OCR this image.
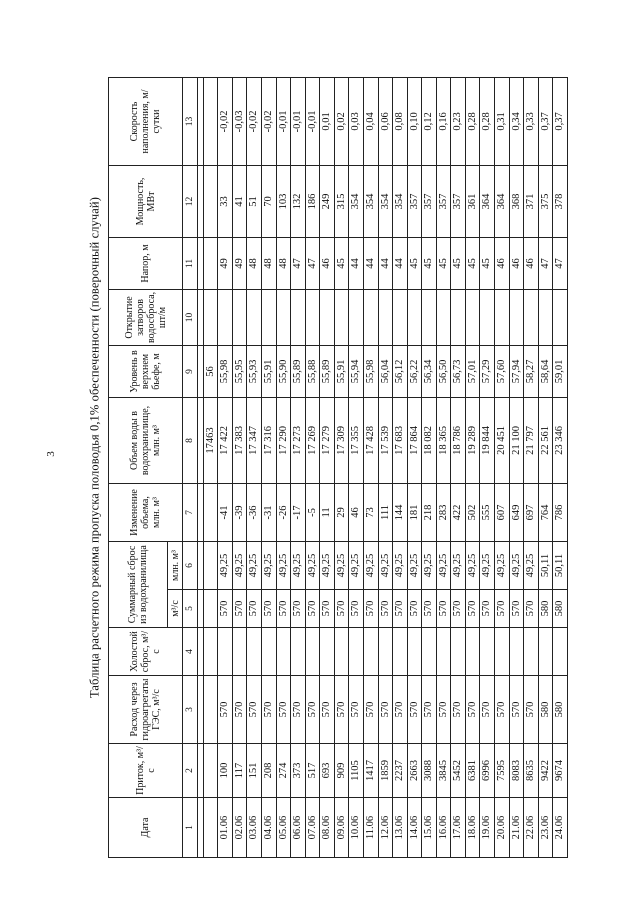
3 Таблица расчетного режима пропуска половодья 0,1% обеспеченности (поверочный случай)
Дата	Приток, м³/с	Расход через гидроагрегаты ГЭС, м³/с	Холостой сброс, м³/с	Суммарный сброс из водохранилища		Изменение объема, млн. м³	Объем воды в водохранилище, млн. м³	Уровень в верхнем бьефе, м	Открытие затворов водосброса, шт/м	Напор, м	Мощность, МВт	Скорость наполнения, м/сутки
				м³/с	млн. м³							
1	2	3	4	5	6	7	8	9	10	11	12	13

							17463	56				
01.06	100	570		570	49,25	-41	17 422	55,98		49	33	-0,02
02.06	117	570		570	49,25	-39	17 383	55,95		49	41	-0,03
03.06	151	570		570	49,25	-36	17 347	55,93		48	51	-0,02
04.06	208	570		570	49,25	-31	17 316	55,91		48	70	-0,02
05.06	274	570		570	49,25	-26	17 290	55,90		48	103	-0,01
06.06	373	570		570	49,25	-17	17 273	55,89		47	132	-0,01
07.06	517	570		570	49,25	-5	17 269	55,88		47	186	-0,01
08.06	693	570		570	49,25	11	17 279	55,89		46	249	0,01
09.06	909	570		570	49,25	29	17 309	55,91		45	315	0,02
10.06	1105	570		570	49,25	46	17 355	55,94		44	354	0,03
11.06	1417	570		570	49,25	73	17 428	55,98		44	354	0,04
12.06	1859	570		570	49,25	111	17 539	56,04		44	354	0,06
13.06	2237	570		570	49,25	144	17 683	56,12		44	354	0,08
14.06	2663	570		570	49,25	181	17 864	56,22		45	357	0,10
15.06	3088	570		570	49,25	218	18 082	56,34		45	357	0,12
16.06	3845	570		570	49,25	283	18 365	56,50		45	357	0,16
17.06	5452	570		570	49,25	422	18 786	56,73		45	357	0,23
18.06	6381	570		570	49,25	502	19 289	57,01		45	361	0,28
19.06	6996	570		570	49,25	555	19 844	57,29		45	364	0,28
20.06	7595	570		570	49,25	607	20 451	57,60		46	364	0,31
21.06	8083	570		570	49,25	649	21 100	57,94		46	368	0,34
22.06	8635	570		570	49,25	697	21 797	58,27		46	371	0,33
23.06	9422	580		580	50,11	764	22 561	58,64		47	375	0,37
24.06	9674	580		580	50,11	786	23 346	59,01		47	378	0,37
